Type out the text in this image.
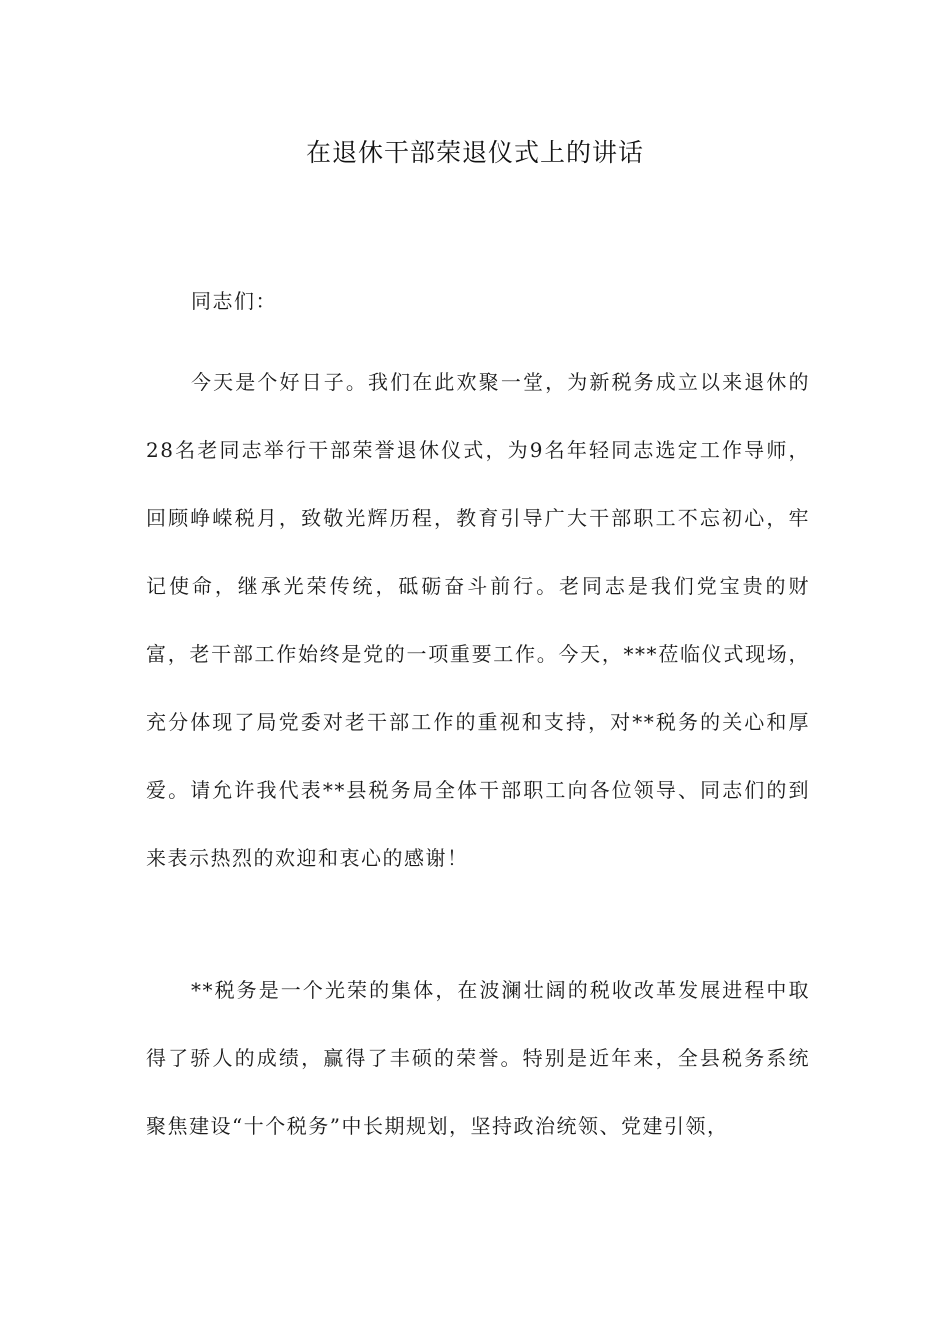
在退休干部荣退仪式上的讲话

同志们：

今天是个好日子。我们在此欢聚一堂，为新税务成立以来退休的28名老同志举行干部荣誉退休仪式，为9名年轻同志选定工作导师，回顾峥嵘税月，致敬光辉历程，教育引导广大干部职工不忘初心，牢记使命，继承光荣传统，砥砺奋斗前行。老同志是我们党宝贵的财富，老干部工作始终是党的一项重要工作。今天，***莅临仪式现场，充分体现了局党委对老干部工作的重视和支持，对**税务的关心和厚爱。请允许我代表**县税务局全体干部职工向各位领导、同志们的到来表示热烈的欢迎和衷心的感谢！

**税务是一个光荣的集体，在波澜壮阔的税收改革发展进程中取得了骄人的成绩，赢得了丰硕的荣誉。特别是近年来，全县税务系统聚焦建设“十个税务”中长期规划，坚持政治统领、党建引领，
